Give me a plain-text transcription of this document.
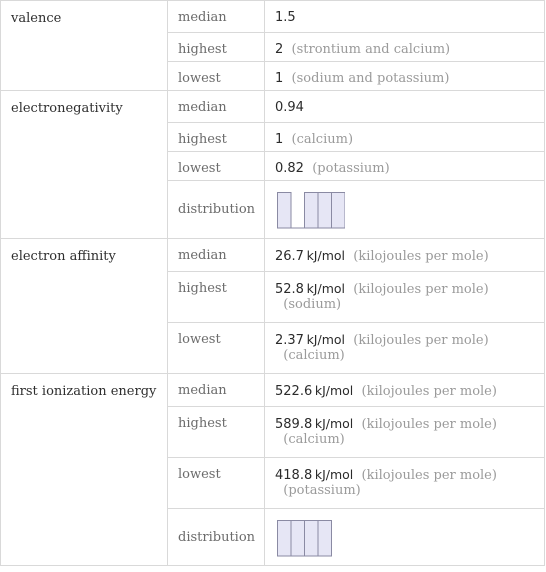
valence	median	1.5
	highest	2 (strontium and calcium)
	lowest	1 (sodium and potassium)
electronegativity	median	0.94
	highest	1 (calcium)
	lowest	0.82 (potassium)
	distribution	

electron affinity	median	26.7  kJ/mol (kilojoules per mole)
	highest	52.8  kJ/mol (kilojoules per mole)
(sodium)
	lowest	2.37  kJ/mol (kilojoules per mole)
(calcium)
first ionization energy	median	522.6  kJ/mol (kilojoules per mole)
	highest	589.8  kJ/mol (kilojoules per mole)
(calcium)
	lowest	418.8  kJ/mol (kilojoules per mole)
(potassium)
	distribution	
